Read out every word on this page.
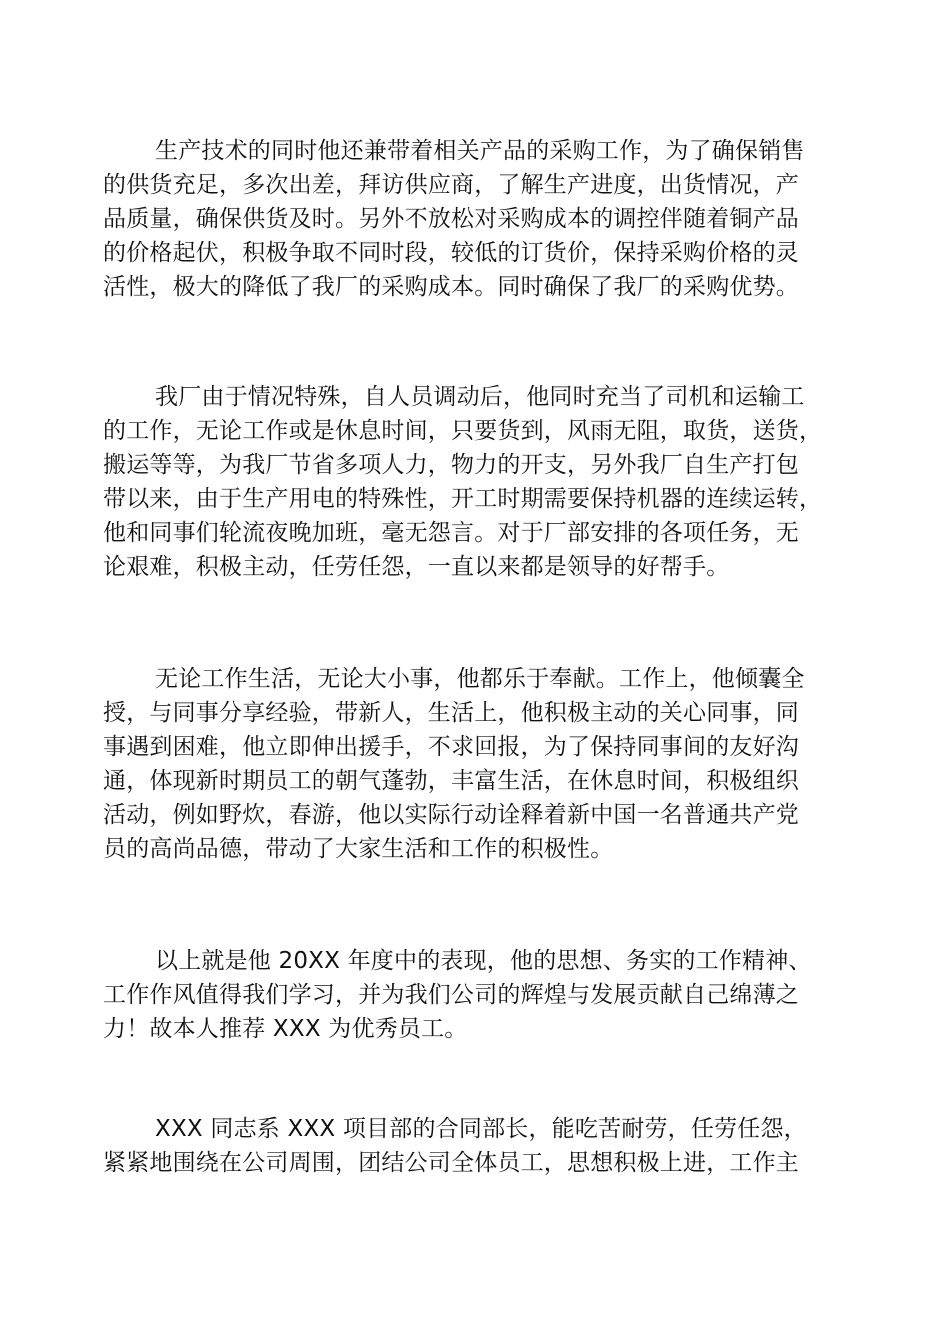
生产技术的同时他还兼带着相关产品的采购工作，为了确保销售
的供货充足，多次出差，拜访供应商，了解生产进度，出货情况，产
品质量，确保供货及时。另外不放松对采购成本的调控伴随着铜产品
的价格起伏，积极争取不同时段，较低的订货价，保持采购价格的灵
活性，极大的降低了我厂的采购成本。同时确保了我厂的采购优势。
我厂由于情况特殊，自人员调动后，他同时充当了司机和运输工
的工作，无论工作或是休息时间，只要货到，风雨无阻，取货，送货，
搬运等等，为我厂节省多项人力，物力的开支，另外我厂自生产打包
带以来，由于生产用电的特殊性，开工时期需要保持机器的连续运转，
他和同事们轮流夜晚加班，毫无怨言。对于厂部安排的各项任务，无
论艰难，积极主动，任劳任怨，一直以来都是领导的好帮手。
无论工作生活，无论大小事，他都乐于奉献。工作上，他倾囊全
授，与同事分享经验，带新人，生活上，他积极主动的关心同事，同
事遇到困难，他立即伸出援手，不求回报，为了保持同事间的友好沟
通，体现新时期员工的朝气蓬勃，丰富生活，在休息时间，积极组织
活动，例如野炊，春游，他以实际行动诠释着新中国一名普通共产党
员的高尚品德，带动了大家生活和工作的积极性。
以上就是他 20XX 年度中的表现，他的思想、务实的工作精神、
工作作风值得我们学习，并为我们公司的辉煌与发展贡献自己绵薄之
力！故本人推荐 XXX 为优秀员工。
XXX 同志系 XXX 项目部的合同部长，能吃苦耐劳，任劳任怨，
紧紧地围绕在公司周围，团结公司全体员工，思想积极上进，工作主
